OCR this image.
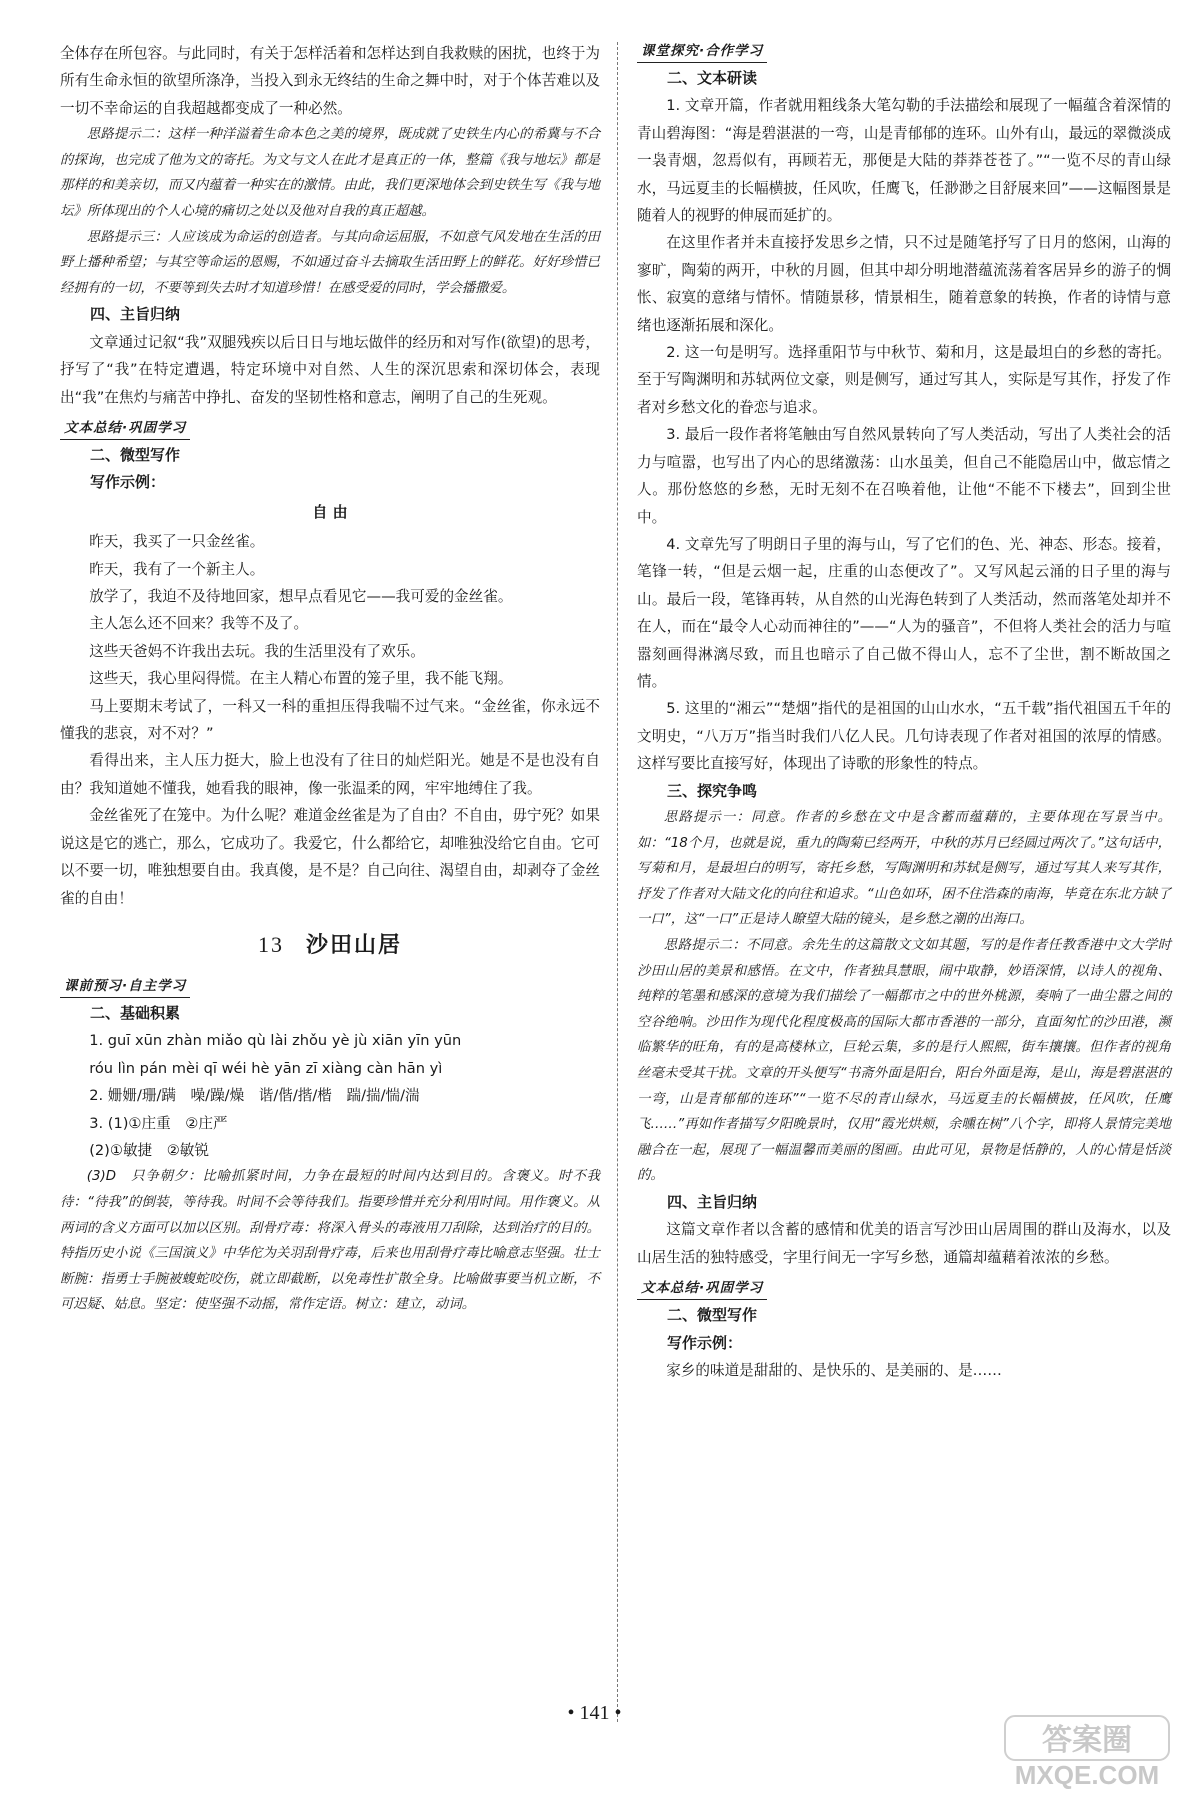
全体存在所包容。与此同时，有关于怎样活着和怎样达到自我救赎的困扰，也终于为所有生命永恒的欲望所涤净，当投入到永无终结的生命之舞中时，对于个体苦难以及一切不幸命运的自我超越都变成了一种必然。

思路提示二：这样一种洋溢着生命本色之美的境界，既成就了史铁生内心的希冀与不合的探询，也完成了他为文的寄托。为文与文人在此才是真正的一体，整篇《我与地坛》都是那样的和美亲切，而又内蕴着一种实在的激情。由此，我们更深地体会到史铁生写《我与地坛》所体现出的个人心境的痛切之处以及他对自我的真正超越。

思路提示三：人应该成为命运的创造者。与其向命运屈服，不如意气风发地在生活的田野上播种希望；与其空等命运的恩赐，不如通过奋斗去摘取生活田野上的鲜花。好好珍惜已经拥有的一切，不要等到失去时才知道珍惜！在感受爱的同时，学会播撒爱。

四、主旨归纳

文章通过记叙“我”双腿残疾以后日日与地坛做伴的经历和对写作(欲望)的思考，抒写了“我”在特定遭遇，特定环境中对自然、人生的深沉思索和深切体会，表现出“我”在焦灼与痛苦中挣扎、奋发的坚韧性格和意志，阐明了自己的生死观。

文本总结·巩固学习

二、微型写作

写作示例：

自 由

昨天，我买了一只金丝雀。

昨天，我有了一个新主人。

放学了，我迫不及待地回家，想早点看见它——我可爱的金丝雀。

主人怎么还不回来？我等不及了。

这些天爸妈不许我出去玩。我的生活里没有了欢乐。

这些天，我心里闷得慌。在主人精心布置的笼子里，我不能飞翔。

马上要期末考试了，一科又一科的重担压得我喘不过气来。“金丝雀，你永远不懂我的悲哀，对不对？”

看得出来，主人压力挺大，脸上也没有了往日的灿烂阳光。她是不是也没有自由？我知道她不懂我，她看我的眼神，像一张温柔的网，牢牢地缚住了我。

金丝雀死了在笼中。为什么呢？难道金丝雀是为了自由？不自由，毋宁死？如果说这是它的逃亡，那么，它成功了。我爱它，什么都给它，却唯独没给它自由。它可以不要一切，唯独想要自由。我真傻，是不是？自己向往、渴望自由，却剥夺了金丝雀的自由！

13 沙田山居
课前预习·自主学习

二、基础积累

1. guī xūn zhàn miǎo qù lài zhǒu yè jù xiān yīn yūn
róu lìn pán mèi qī wéi hè yān zī xiàng càn hān yì
2. 姗姗/珊/蹒　噪/躁/燥　谐/偕/揩/楷　踹/揣/惴/湍
3. (1)①庄重　②庄严
(2)①敏捷　②敏锐

(3)D　只争朝夕：比喻抓紧时间，力争在最短的时间内达到目的。含褒义。时不我待：“待我”的倒装，等待我。时间不会等待我们。指要珍惜并充分利用时间。用作褒义。从两词的含义方面可以加以区别。刮骨疗毒：将深入骨头的毒液用刀刮除，达到治疗的目的。特指历史小说《三国演义》中华佗为关羽刮骨疗毒，后来也用刮骨疗毒比喻意志坚强。壮士断腕：指勇士手腕被蝮蛇咬伤，就立即截断，以免毒性扩散全身。比喻做事要当机立断，不可迟疑、姑息。坚定：使坚强不动摇，常作定语。树立：建立，动词。

课堂探究·合作学习

二、文本研读

1. 文章开篇，作者就用粗线条大笔勾勒的手法描绘和展现了一幅蕴含着深情的青山碧海图：“海是碧湛湛的一弯，山是青郁郁的连环。山外有山，最远的翠微淡成一袅青烟，忽焉似有，再顾若无，那便是大陆的莽莽苍苍了。”“一览不尽的青山绿水，马远夏圭的长幅横披，任风吹，任鹰飞，任渺渺之目舒展来回”——这幅图景是随着人的视野的伸展而延扩的。

在这里作者并未直接抒发思乡之情，只不过是随笔抒写了日月的悠闲，山海的寥旷，陶菊的两开，中秋的月圆，但其中却分明地潜蕴流荡着客居异乡的游子的惆怅、寂寞的意绪与情怀。情随景移，情景相生，随着意象的转换，作者的诗情与意绪也逐渐拓展和深化。

2. 这一句是明写。选择重阳节与中秋节、菊和月，这是最坦白的乡愁的寄托。至于写陶渊明和苏轼两位文豪，则是侧写，通过写其人，实际是写其作，抒发了作者对乡愁文化的眷恋与追求。

3. 最后一段作者将笔触由写自然风景转向了写人类活动，写出了人类社会的活力与喧嚣，也写出了内心的思绪激荡：山水虽美，但自己不能隐居山中，做忘情之人。那份悠悠的乡愁，无时无刻不在召唤着他，让他“不能不下楼去”，回到尘世中。

4. 文章先写了明朗日子里的海与山，写了它们的色、光、神态、形态。接着，笔锋一转，“但是云烟一起，庄重的山态便改了”。又写风起云涌的日子里的海与山。最后一段，笔锋再转，从自然的山光海色转到了人类活动，然而落笔处却并不在人，而在“最令人心动而神往的”——“人为的骚音”，不但将人类社会的活力与喧嚣刻画得淋漓尽致，而且也暗示了自己做不得山人，忘不了尘世，割不断故国之情。

5. 这里的“湘云”“楚烟”指代的是祖国的山山水水，“五千载”指代祖国五千年的文明史，“八万万”指当时我们八亿人民。几句诗表现了作者对祖国的浓厚的情感。这样写要比直接写好，体现出了诗歌的形象性的特点。

三、探究争鸣

思路提示一：同意。作者的乡愁在文中是含蓄而蕴藉的，主要体现在写景当中。如：“18个月，也就是说，重九的陶菊已经两开，中秋的苏月已经圆过两次了。”这句话中，写菊和月，是最坦白的明写，寄托乡愁，写陶渊明和苏轼是侧写，通过写其人来写其作，抒发了作者对大陆文化的向往和追求。“山色如环，困不住浩森的南海，毕竟在东北方缺了一口”，这“一口”正是诗人瞭望大陆的镜头，是乡愁之潮的出海口。

思路提示二：不同意。余先生的这篇散文文如其题，写的是作者任教香港中文大学时沙田山居的美景和感悟。在文中，作者独具慧眼，闹中取静，妙语深情，以诗人的视角、纯粹的笔墨和感深的意境为我们描绘了一幅都市之中的世外桃源，奏响了一曲尘嚣之间的空谷绝响。沙田作为现代化程度极高的国际大都市香港的一部分，直面匆忙的沙田港，濒临繁华的旺角，有的是高楼林立，巨轮云集，多的是行人熙熙，街车攘攘。但作者的视角丝毫未受其干扰。文章的开头便写“书斋外面是阳台，阳台外面是海，是山，海是碧湛湛的一弯，山是青郁郁的连环”“一览不尽的青山绿水，马远夏圭的长幅横披，任风吹，任鹰飞……”再如作者描写夕阳晚景时，仅用“霞光烘颊，余曛在树”八个字，即将人景情完美地融合在一起，展现了一幅温馨而美丽的图画。由此可见，景物是恬静的，人的心情是恬淡的。

四、主旨归纳

这篇文章作者以含蓄的感情和优美的语言写沙田山居周围的群山及海水，以及山居生活的独特感受，字里行间无一字写乡愁，通篇却蕴藉着浓浓的乡愁。

文本总结·巩固学习

二、微型写作

写作示例：

家乡的味道是甜甜的、是快乐的、是美丽的、是……

• 141 •
答案圈
MXQE.COM
